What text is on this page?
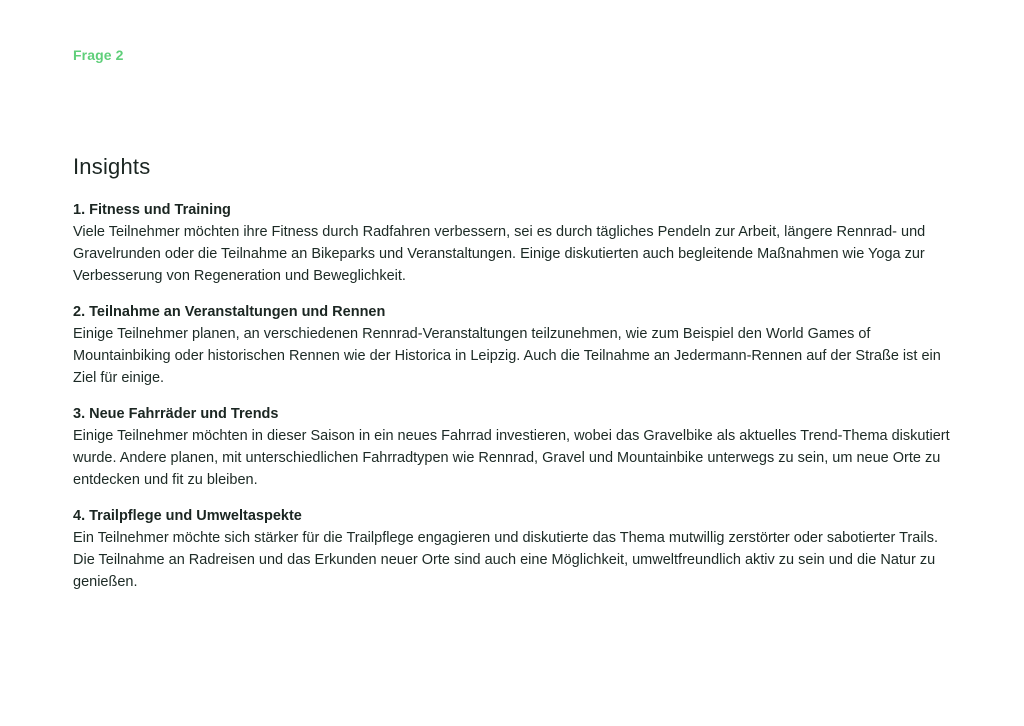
Frage 2
Insights

1. Fitness und Training

Viele Teilnehmer möchten ihre Fitness durch Radfahren verbessern, sei es durch tägliches Pendeln zur Arbeit, längere Rennrad- und Gravelrunden oder die Teilnahme an Bikeparks und Veranstaltungen. Einige diskutierten auch begleitende Maßnahmen wie Yoga zur Verbesserung von Regeneration und Beweglichkeit.

2. Teilnahme an Veranstaltungen und Rennen

Einige Teilnehmer planen, an verschiedenen Rennrad-Veranstaltungen teilzunehmen, wie zum Beispiel den World Games of Mountainbiking oder historischen Rennen wie der Historica in Leipzig. Auch die Teilnahme an Jedermann-Rennen auf der Straße ist ein Ziel für einige.

3. Neue Fahrräder und Trends

Einige Teilnehmer möchten in dieser Saison in ein neues Fahrrad investieren, wobei das Gravelbike als aktuelles Trend-Thema diskutiert wurde. Andere planen, mit unterschiedlichen Fahrradtypen wie Rennrad, Gravel und Mountainbike unterwegs zu sein, um neue Orte zu entdecken und fit zu bleiben.

4. Trailpflege und Umweltaspekte

Ein Teilnehmer möchte sich stärker für die Trailpflege engagieren und diskutierte das Thema mutwillig zerstörter oder sabotierter Trails. Die Teilnahme an Radreisen und das Erkunden neuer Orte sind auch eine Möglichkeit, umweltfreundlich aktiv zu sein und die Natur zu genießen.
